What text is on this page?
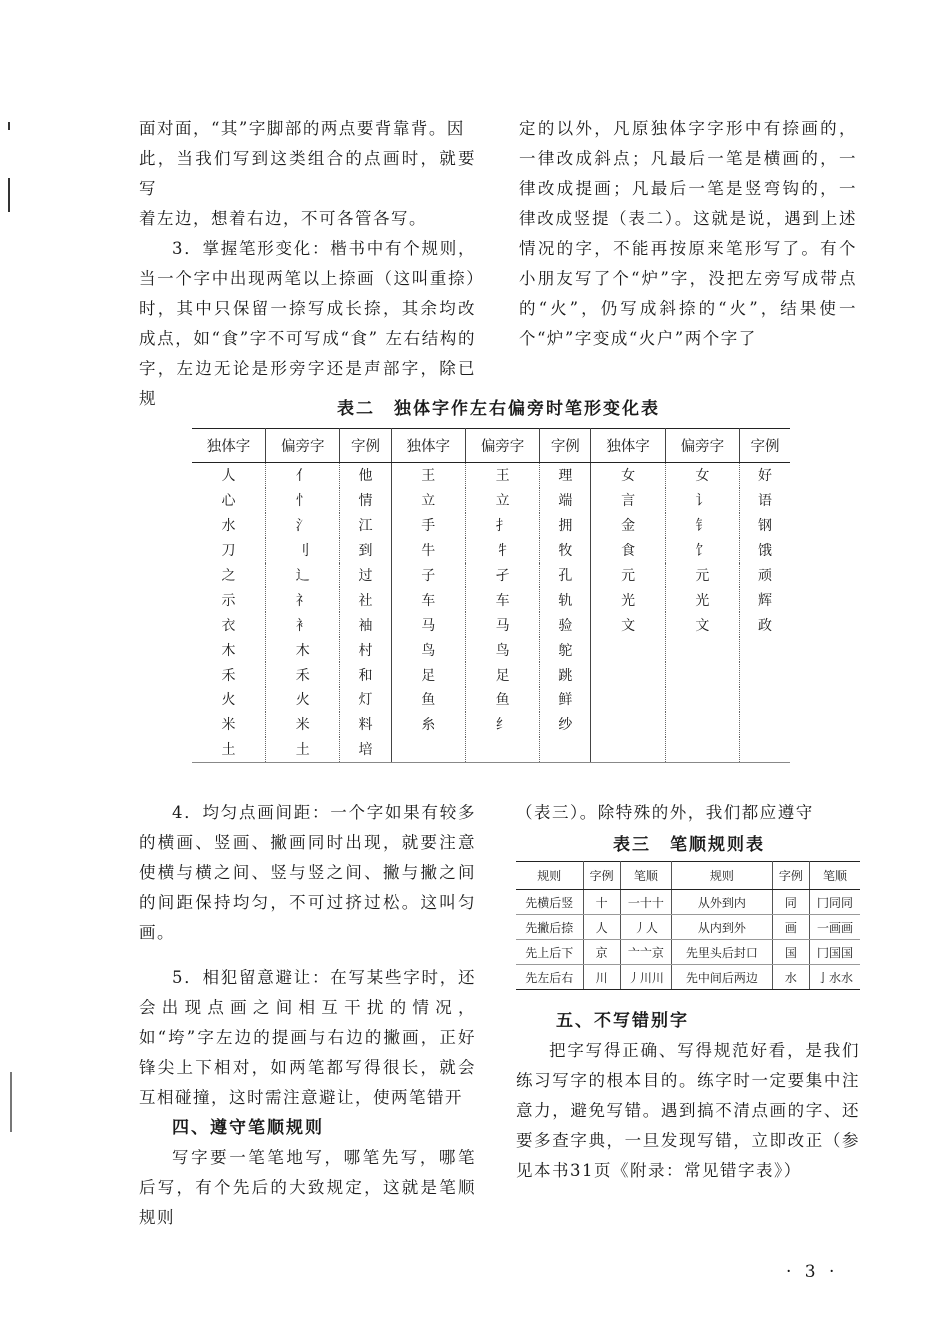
面对面，“其”字脚部的两点要背靠背。因

此，当我们写到这类组合的点画时，就要写

着左边，想着右边，不可各管各写。

3．掌握笔形变化：楷书中有个规则，当一个字中出现两笔以上捺画（这叫重捺）时，其中只保留一捺写成长捺，其余均改成点，如“食”字不可写成“食” 左右结构的字，左边无论是形旁字还是声部字，除已规

定的以外，凡原独体字字形中有捺画的，一律改成斜点；凡最后一笔是横画的，一律改成提画；凡最后一笔是竖弯钩的，一律改成竖提（表二）。这就是说，遇到上述情况的字，不能再按原来笔形写了。有个小朋友写了个“炉”字，没把左旁写成带点的“火”，仍写成斜捺的“火”，结果使一个“炉”字变成“火户”两个字了

表二　独体字作左右偏旁时笔形变化表
独体字	偏旁字	字例	独体字	偏旁字	字例	独体字	偏旁字	字例
人	亻	他	王	王	理	女	女	好
心	忄	情	立	立	端	言	讠	语
水	氵	江	手	扌	拥	金	钅	钢
刀	刂	到	牛	牜	牧	食	饣	饿
之	辶	过	子	孑	孔	元	元	顽
示	礻	社	车	车	轨	光	光	辉
衣	衤	袖	马	马	验	文	文	政
木	木	村	鸟	鸟	鸵			
禾	禾	和	足	足	跳			
火	火	灯	鱼	鱼	鲜			
米	米	料	糸	纟	纱			
土	土	培						

4．均匀点画间距：一个字如果有较多的横画、竖画、撇画同时出现，就要注意使横与横之间、竖与竖之间、撇与撇之间的间距保持均匀，不可过挤过松。这叫匀画。

5．相犯留意避让：在写某些字时，还会出现点画之间相互干扰的情况，如“垮”字左边的提画与右边的撇画，正好锋尖上下相对，如两笔都写得很长，就会互相碰撞，这时需注意避让，使两笔错开

四、遵守笔顺规则

写字要一笔笔地写，哪笔先写，哪笔后写，有个先后的大致规定，这就是笔顺规则

（表三）。除特殊的外，我们都应遵守

表三　笔顺规则表
规则	字例	笔顺	规则	字例	笔顺
先横后竖	十	一十十	从外到内	同	冂同同
先撇后捺	人	丿人	从内到外	画	一画画
先上后下	京	亠亠京	先里头后封口	国	冂国国
先左后右	川	丿川川	先中间后两边	水	亅水水

五、不写错别字

把字写得正确、写得规范好看，是我们练习写字的根本目的。练字时一定要集中注意力，避免写错。遇到搞不清点画的字、还要多查字典，一旦发现写错，立即改正（参见本书31页《附录：常见错字表》）

· 3 ·
